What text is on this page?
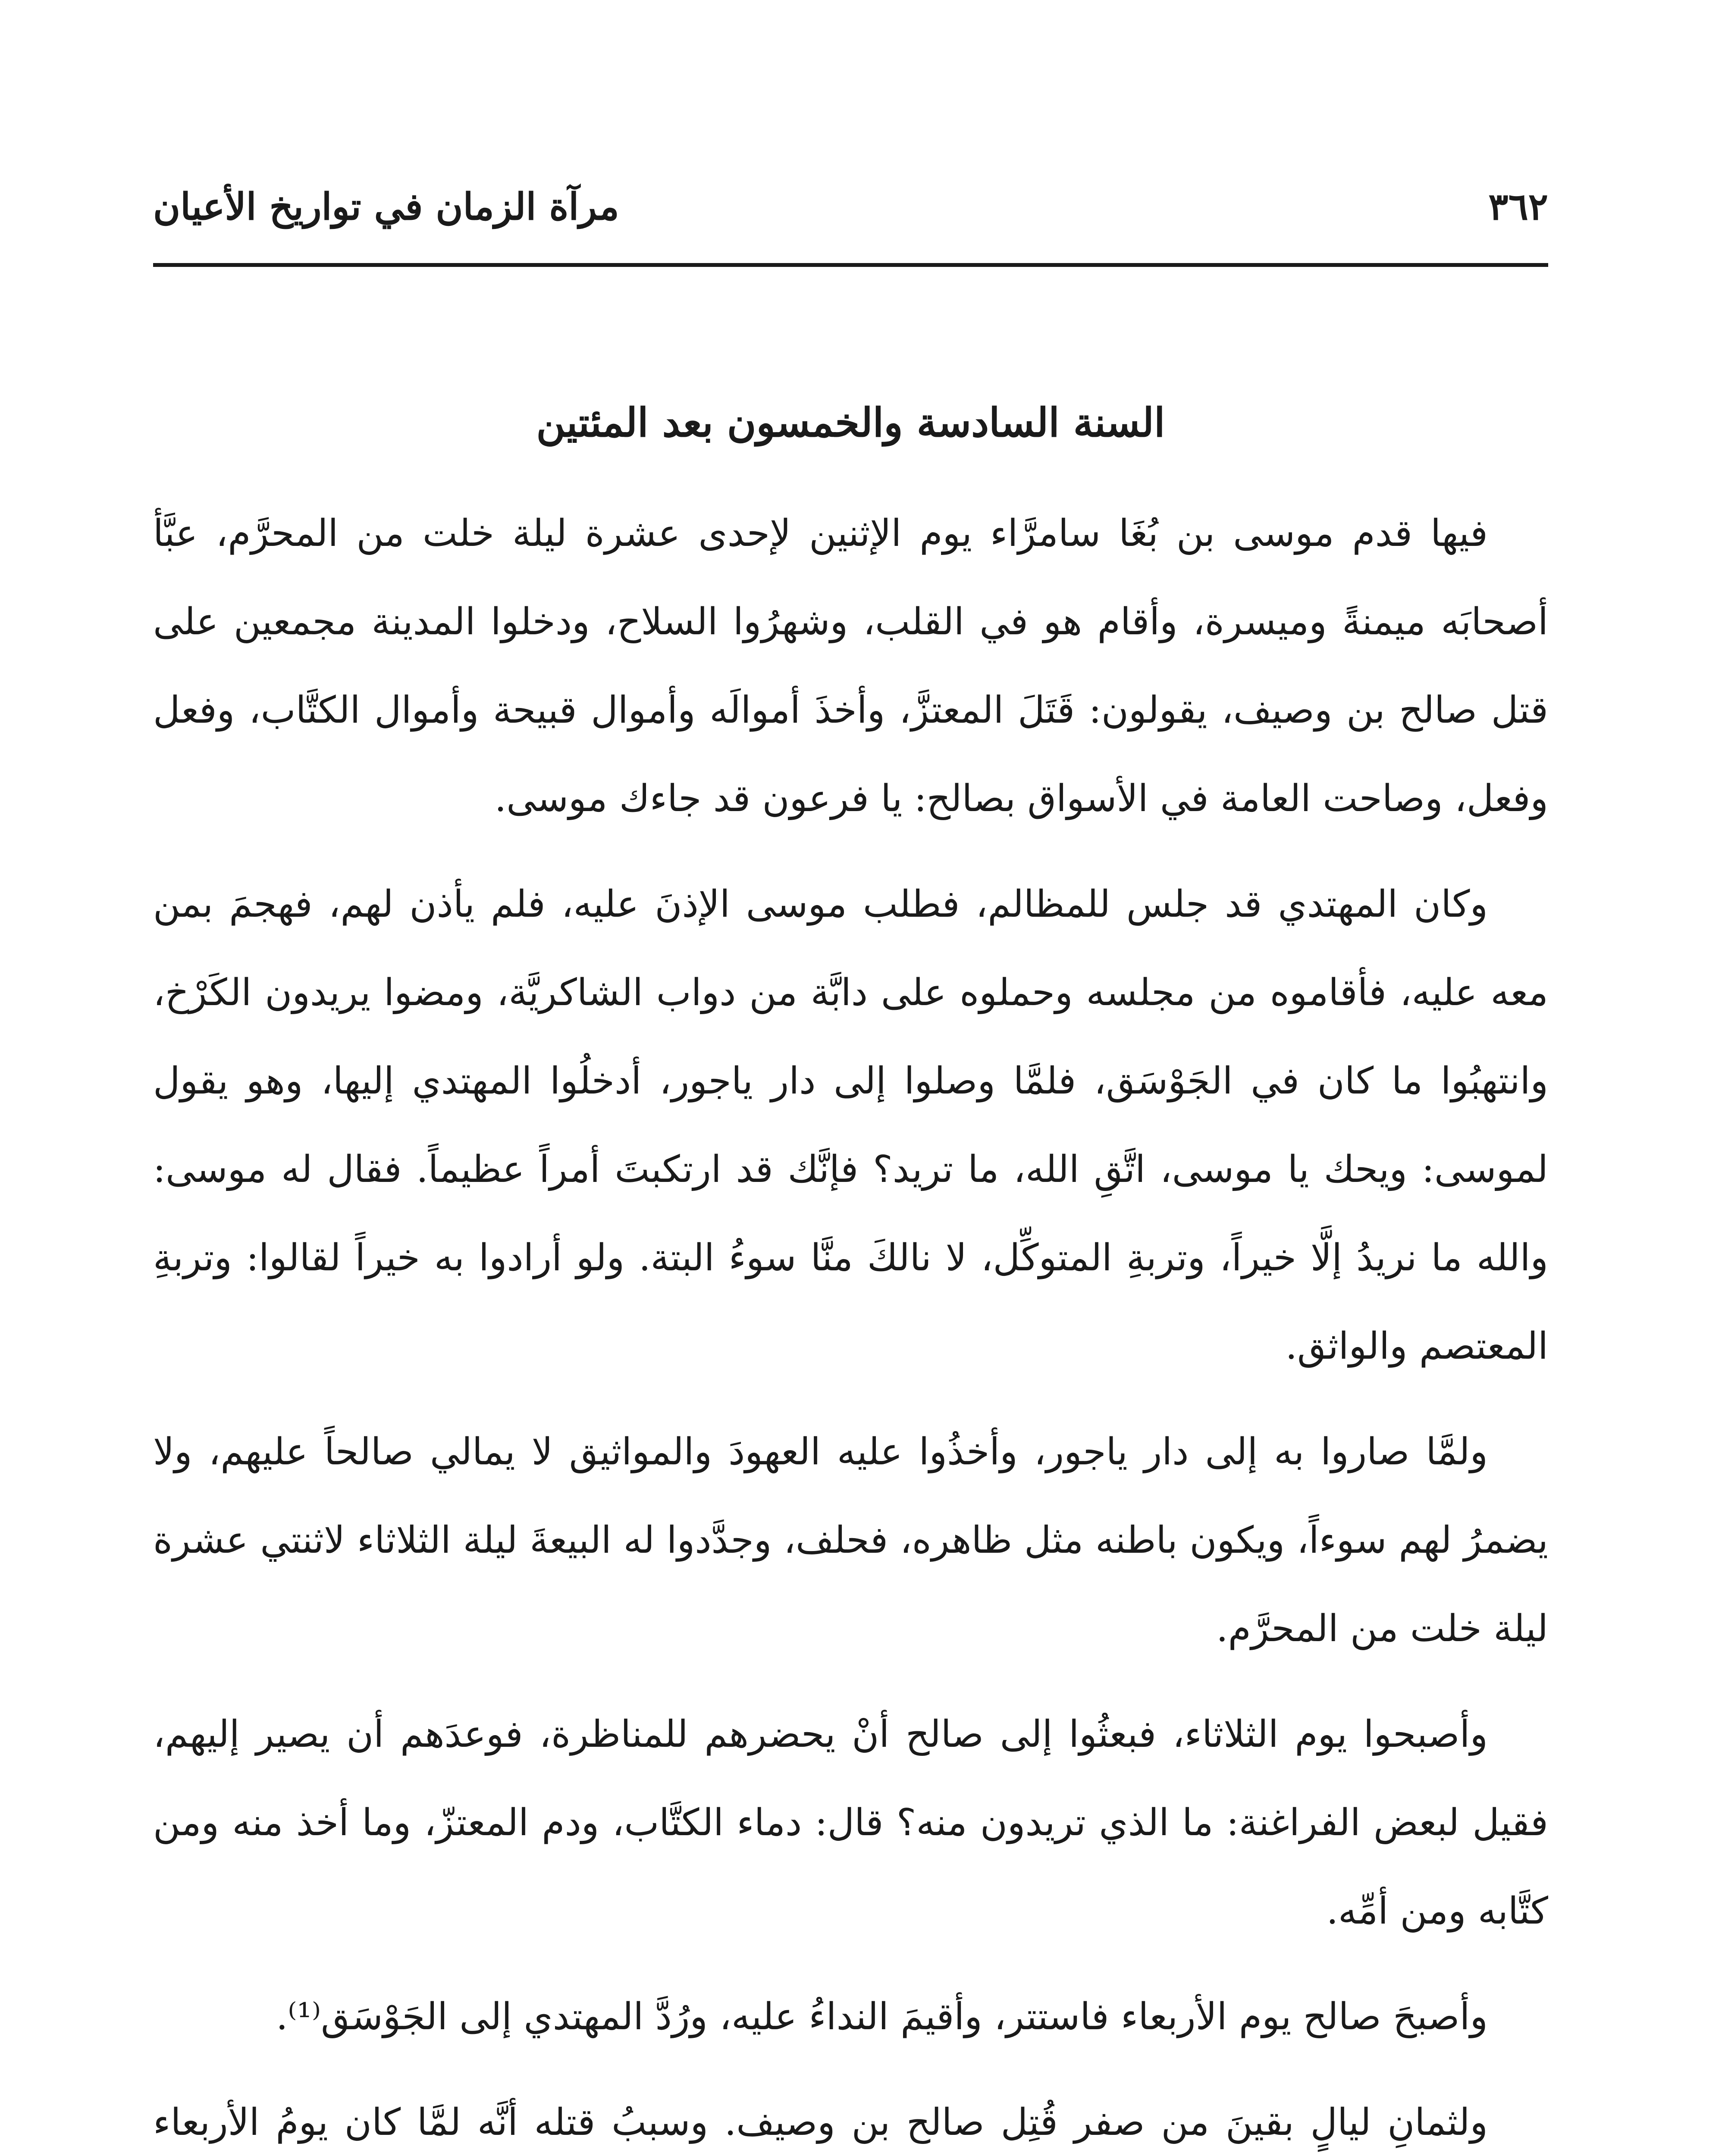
٣٦٢
مرآة الزمان في تواريخ الأعيان
السنة السادسة والخمسون بعد المئتين

فيها قدم موسى بن بُغَا سامرَّاء يوم الإثنين لإحدى عشرة ليلة خلت من المحرَّم، عبَّأ أصحابَه ميمنةً وميسرة، وأقام هو في القلب، وشهرُوا السلاح، ودخلوا المدينة مجمعين على قتل صالح بن وصيف، يقولون: قَتَلَ المعتزَّ، وأخذَ أموالَه وأموال قبيحة وأموال الكتَّاب، وفعل وفعل، وصاحت العامة في الأسواق بصالح: يا فرعون قد جاءك موسى.

وكان المهتدي قد جلس للمظالم، فطلب موسى الإذنَ عليه، فلم يأذن لهم، فهجمَ بمن معه عليه، فأقاموه من مجلسه وحملوه على دابَّة من دواب الشاكريَّة، ومضوا يريدون الكَرْخ، وانتهبُوا ما كان في الجَوْسَق، فلمَّا وصلوا إلى دار ياجور، أدخلُوا المهتدي إليها، وهو يقول لموسى: ويحك يا موسى، اتَّقِ الله، ما تريد؟ فإنَّك قد ارتكبتَ أمراً عظيماً. فقال له موسى: والله ما نريدُ إلَّا خيراً، وتربةِ المتوكِّل، لا نالكَ منَّا سوءُ البتة. ولو أرادوا به خيراً لقالوا: وتربةِ المعتصم والواثق.

ولمَّا صاروا به إلى دار ياجور، وأخذُوا عليه العهودَ والمواثيق لا يمالي صالحاً عليهم، ولا يضمرُ لهم سوءاً، ويكون باطنه مثل ظاهره، فحلف، وجدَّدوا له البيعةَ ليلة الثلاثاء لاثنتي عشرة ليلة خلت من المحرَّم.

وأصبحوا يوم الثلاثاء، فبعثُوا إلى صالح أنْ يحضرهم للمناظرة، فوعدَهم أن يصير إليهم، فقيل لبعض الفراغنة: ما الذي تريدون منه؟ قال: دماء الكتَّاب، ودم المعتزّ، وما أخذ منه ومن كتَّابه ومن أمِّه.

وأصبحَ صالح يوم الأربعاء فاستتر، وأقيمَ النداءُ عليه، ورُدَّ المهتدي إلى الجَوْسَق⁽¹⁾.

ولثمانِ ليالٍ بقينَ من صفر قُتِل صالح بن وصيف. وسببُ قتله أنَّه لمَّا كان يومُ الأربعاء
